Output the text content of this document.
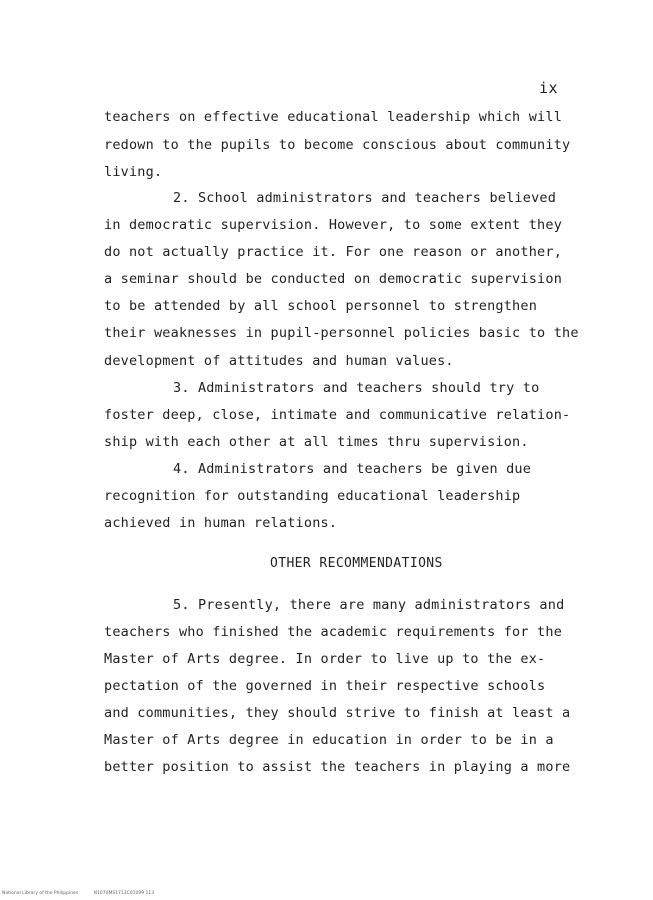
ix
teachers on effective educational leadership which will
redown to the pupils to become conscious about community
living.
2. School administrators and teachers believed
in democratic supervision. However, to some extent they
do not actually practice it. For one reason or another,
a seminar should be conducted on democratic supervision
to be attended by all school personnel to strengthen
their weaknesses in pupil-personnel policies basic to the
development of attitudes and human values.
3. Administrators and teachers should try to
foster deep, close, intimate and communicative relation-
ship with each other at all times thru supervision.
4. Administrators and teachers be given due
recognition for outstanding educational leadership
achieved in human relations.
OTHER RECOMMENDATIONS
5. Presently, there are many administrators and
teachers who finished the academic requirements for the
Master of Arts degree. In order to live up to the ex-
pectation of the governed in their respective schools
and communities, they should strive to finish at least a
Master of Arts degree in education in order to be in a
better position to assist the teachers in playing a more
National Library of the Philippines	N1070MS1713C01099 113
